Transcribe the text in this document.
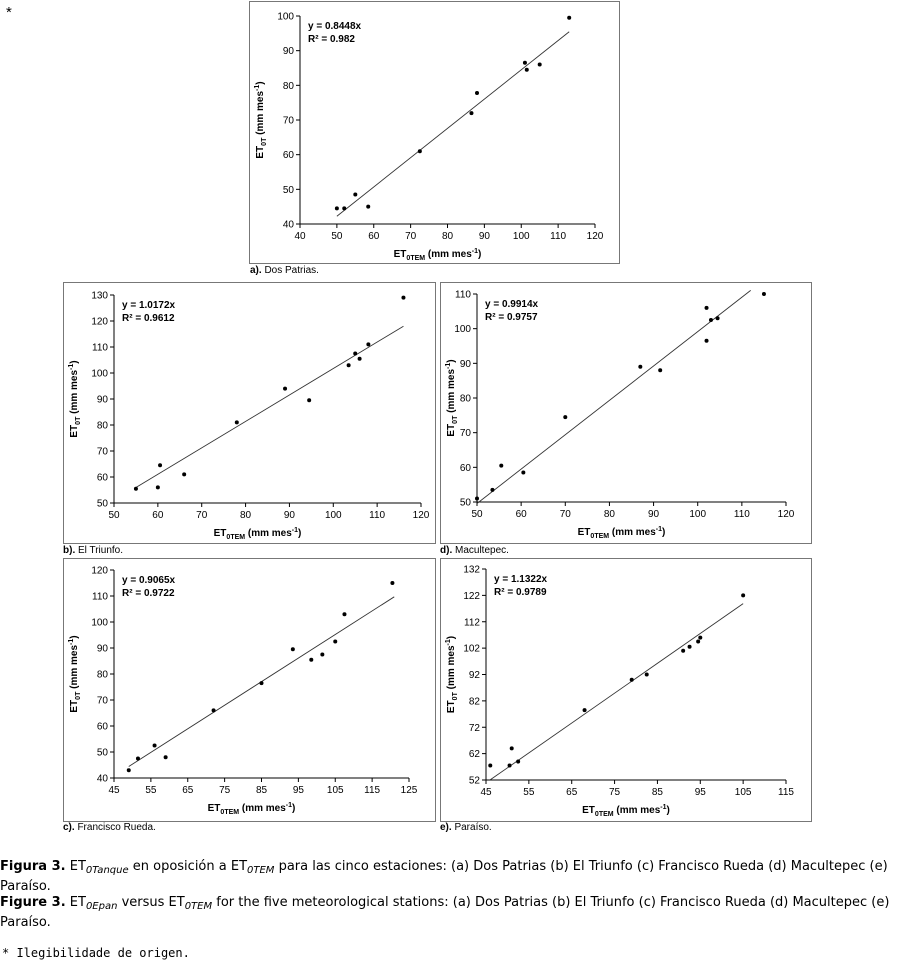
*
40
50
60
70
80
90
100
40	50	60	70	80	90 100 110 120
y = 0.8448x
R² = 0.982
$ET_{0TEM}$ (mm mes$^{-1}$)
$ET_{0T}$ (mm mes$^{-1}$)
a). Dos Patrias.
50
60
70
80
90
100
110
120
130
50	60	70	80	90	100	110	120
y = 1.0172x
R² = 0.9612
$ET_{0TEM}$ (mm mes$^{-1}$)
$ET_{0T}$ (mm mes$^{-1}$)
b). El Triunfo.
50
60
70
80
90
100
110
50	60	70	80	90	100	110	120
y = 0.9914x
R² = 0.9757
$ET_{0TEM}$ (mm mes$^{-1}$)
$ET_{0T}$ (mm mes$^{-1}$)
d). Macultepec.
40
50
60
70
80
90
100
110
120
45	55	65	75	85	95 105 115 125
y = 0.9065x
R² = 0.9722
$ET_{0TEM}$ (mm mes$^{-1}$)
$ET_{0T}$ (mm mes$^{-1}$)
c). Francisco Rueda.
52
62
72
82
92
102
112
122
132
45	55	65	75	85	95	105	115
y = 1.1322x
R² = 0.9789
$ET_{0TEM}$ (mm mes$^{-1}$)
$ET_{0T}$ (mm mes$^{-1}$)
e). Paraíso.
Figura 3. $ET_{0Tanque}$ en oposición a $ET_{0TEM}$ para las cinco estaciones: (a) Dos Patrias (b) El Triunfo (c) Francisco Rueda (d) Macultepec (e) Paraíso.
Figure 3. $ET_{0Epan}$ versus $ET_{0TEM}$ for the five meteorological stations: (a) Dos Patrias (b) El Triunfo (c) Francisco Rueda (d) Macultepec (e) Paraíso.
* Ilegibilidade de origen.
